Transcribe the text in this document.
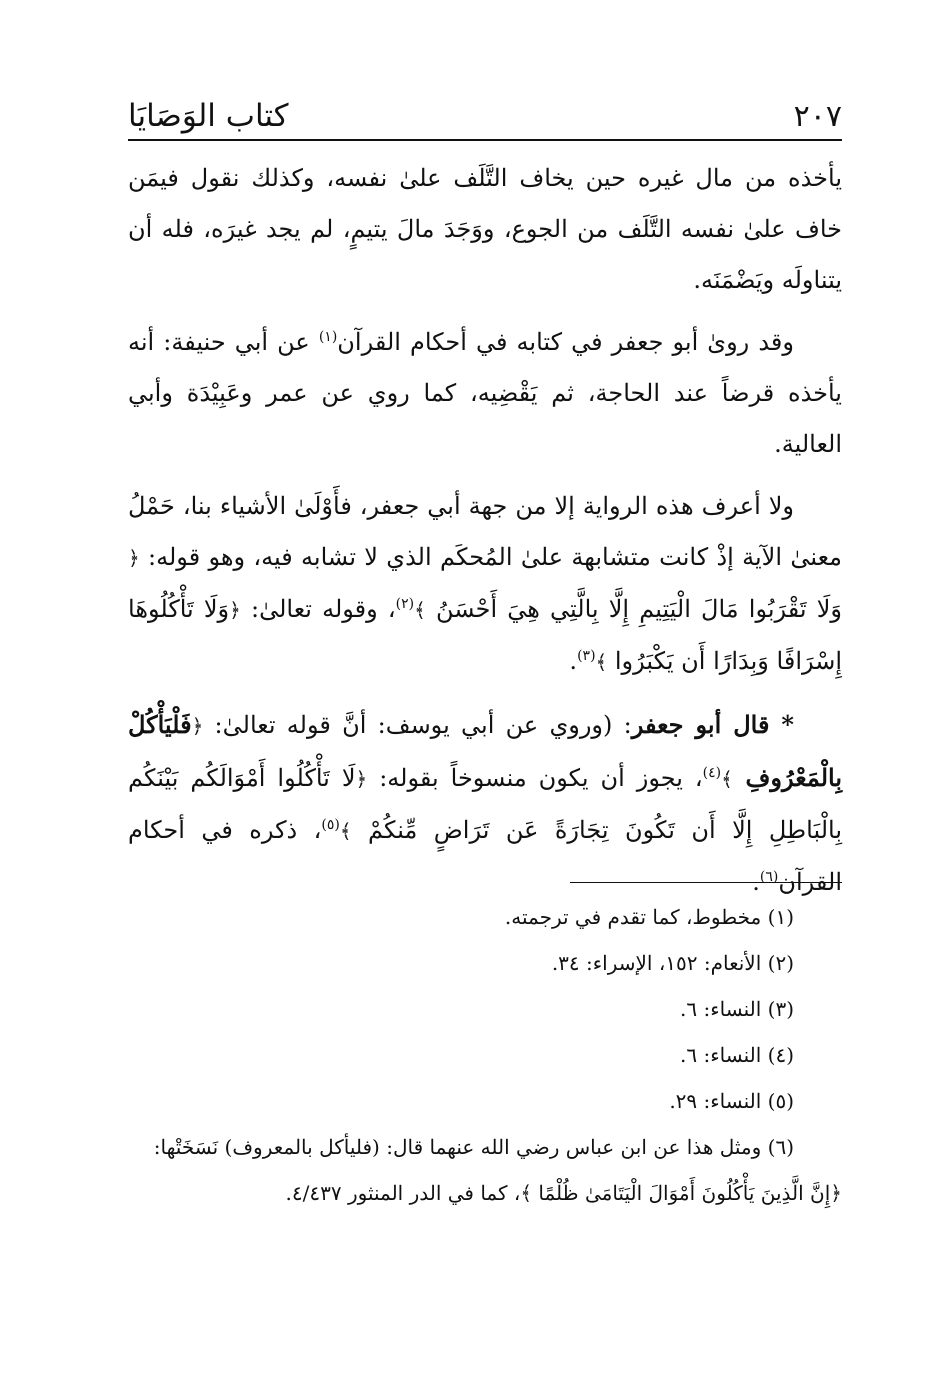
كتاب الوَصَايَا	٢٠٧

يأخذه من مال غيره حين يخاف التَّلَف علىٰ نفسه، وكذلك نقول فيمَن خاف علىٰ نفسه التَّلَف من الجوع، ووَجَدَ مالَ يتيمٍ، لم يجد غيرَه، فله أن يتناولَه ويَضْمَنَه.

وقد روىٰ أبو جعفر في كتابه في أحكام القرآن$^{(١)}$ عن أبي حنيفة: أنه يأخذه قرضاً عند الحاجة، ثم يَقْضِيه، كما روي عن عمر وعَبِيْدَة وأبي العالية.

ولا أعرف هذه الرواية إلا من جهة أبي جعفر، فأَوْلَىٰ الأشياء بنا، حَمْلُ معنىٰ الآية إذْ كانت متشابهة علىٰ المُحكَم الذي لا تشابه فيه، وهو قوله: ﴿ وَلَا تَقْرَبُوا مَالَ الْيَتِيمِ إِلَّا بِالَّتِي هِيَ أَحْسَنُ ﴾$^{(٢)}$، وقوله تعالىٰ: ﴿وَلَا تَأْكُلُوهَا إِسْرَافًا وَبِدَارًا أَن يَكْبَرُوا ﴾$^{(٣)}$.

* قال أبو جعفر: (وروي عن أبي يوسف: أنَّ قوله تعالىٰ: ﴿فَلْيَأْكُلْ بِالْمَعْرُوفِ ﴾$^{(٤)}$، يجوز أن يكون منسوخاً بقوله: ﴿لَا تَأْكُلُوا أَمْوَالَكُم بَيْنَكُم بِالْبَاطِلِ إِلَّا أَن تَكُونَ تِجَارَةً عَن تَرَاضٍ مِّنكُمْ ﴾$^{(٥)}$، ذكره في أحكام القرآن$^{(٦)}$.

(١) مخطوط، كما تقدم في ترجمته.

(٢) الأنعام: ١٥٢، الإسراء: ٣٤.

(٣) النساء: ٦.

(٤) النساء: ٦.

(٥) النساء: ٢٩.

(٦) ومثل هذا عن ابن عباس رضي الله عنهما قال: (فليأكل بالمعروف) نَسَخَتْها:

﴿إِنَّ الَّذِينَ يَأْكُلُونَ أَمْوَالَ الْيَتَامَىٰ ظُلْمًا ﴾، كما في الدر المنثور ٤/٤٣٧.
